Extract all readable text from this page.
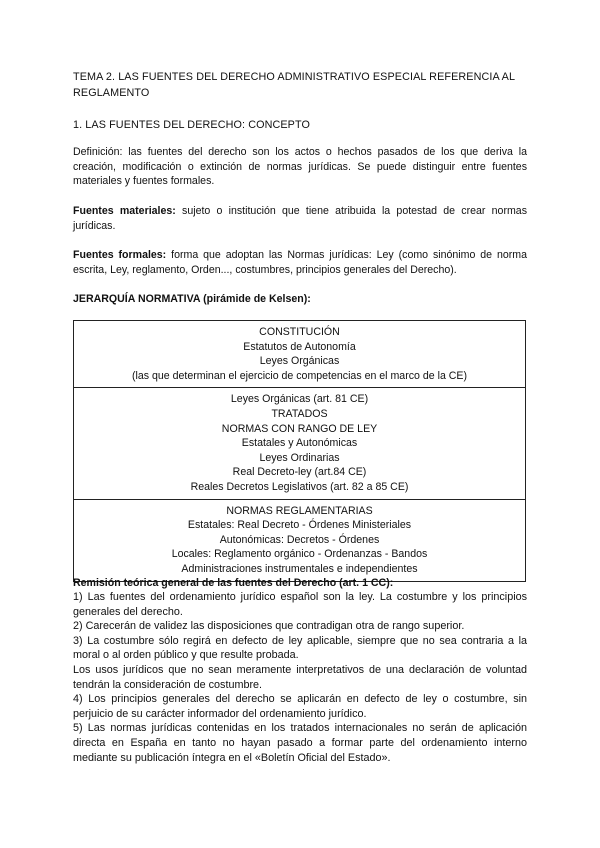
TEMA 2. LAS FUENTES DEL DERECHO ADMINISTRATIVO ESPECIAL REFERENCIA AL REGLAMENTO

1. LAS FUENTES DEL DERECHO: CONCEPTO

Definición: las fuentes del derecho son los actos o hechos pasados de los que deriva la creación, modificación o extinción de normas jurídicas. Se puede distinguir entre fuentes materiales y fuentes formales.

Fuentes materiales: sujeto o institución que tiene atribuida la potestad de crear normas jurídicas.

Fuentes formales: forma que adoptan las Normas jurídicas: Ley (como sinónimo de norma escrita, Ley, reglamento, Orden..., costumbres, principios generales del Derecho).

JERARQUÍA NORMATIVA (pirámide de Kelsen):

CONSTITUCIÓN
Estatutos de Autonomía
Leyes Orgánicas
(las que determinan el ejercicio de competencias en el marco de la CE)
Leyes Orgánicas (art. 81 CE)
TRATADOS
NORMAS CON RANGO DE LEY
Estatales y Autonómicas
Leyes Ordinarias
Real Decreto-ley (art.84 CE)
Reales Decretos Legislativos (art. 82 a 85 CE)
NORMAS REGLAMENTARIAS
Estatales: Real Decreto - Órdenes Ministeriales
Autonómicas: Decretos - Órdenes
Locales: Reglamento orgánico - Ordenanzas - Bandos
Administraciones instrumentales e independientes

Remisión teórica general de las fuentes del Derecho (art. 1 CC):

1) Las fuentes del ordenamiento jurídico español son la ley. La costumbre y los principios generales del derecho.

2) Carecerán de validez las disposiciones que contradigan otra de rango superior.

3) La costumbre sólo regirá en defecto de ley aplicable, siempre que no sea contraria a la moral o al orden público y que resulte probada.

Los usos jurídicos que no sean meramente interpretativos de una declaración de voluntad tendrán la consideración de costumbre.

4) Los principios generales del derecho se aplicarán en defecto de ley o costumbre, sin perjuicio de su carácter informador del ordenamiento jurídico.

5) Las normas jurídicas contenidas en los tratados internacionales no serán de aplicación directa en España en tanto no hayan pasado a formar parte del ordenamiento interno mediante su publicación íntegra en el «Boletín Oficial del Estado».
